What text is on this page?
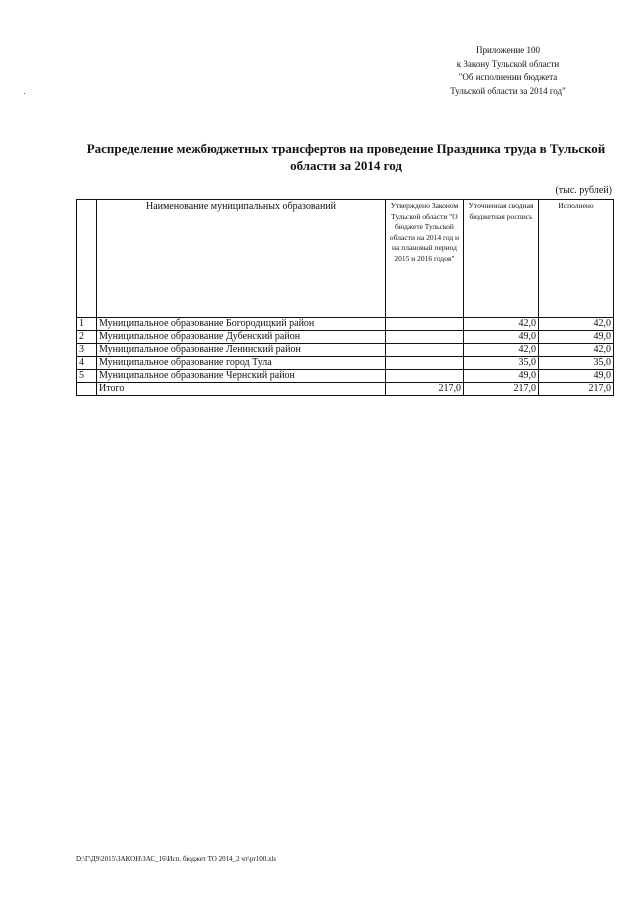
Приложение 100
к Закону Тульской области
"Об исполнении бюджета
Тульской области за 2014 год"
Распределение межбюджетных трансфертов на проведение Праздника труда в Тульской
области за 2014 год
(тыс. рублей)
	Наименование муниципальных образований	Утверждено Законом Тульской области "О бюджете Тульской области на 2014 год и на плановый период 2015 и 2016 годов"	Уточненная сводная бюджетная роспись	Исполнено
1	Муниципальное образование Богородицкий район		42,0	42,0
2	Муниципальное образование Дубенский район		49,0	49,0
3	Муниципальное образование Ленинский район		42,0	42,0
4	Муниципальное образование город Тула		35,0	35,0
5	Муниципальное образование Чернский район		49,0	49,0
	Итого	217,0	217,0	217,0
D:\Г\Д9\2015\ЗАКОН\ЗАС_16\Исп. бюджет ТО 2014_2 чт\pr100.xls
